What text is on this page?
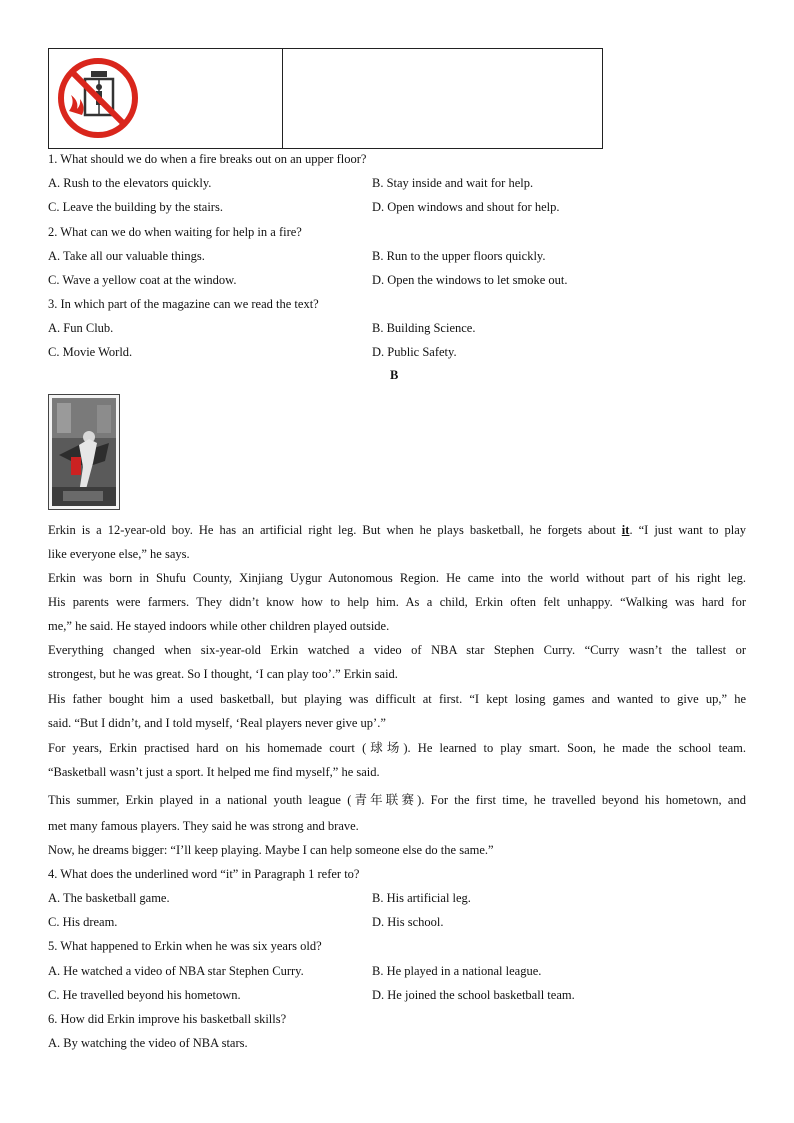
1. What should we do when a fire breaks out on an upper floor?
A. Rush to the elevators quickly.	B. Stay inside and wait for help.
C. Leave the building by the stairs.	D. Open windows and shout for help.
2. What can we do when waiting for help in a fire?
A. Take all our valuable things.	B. Run to the upper floors quickly.
C. Wave a yellow coat at the window.	D. Open the windows to let smoke out.
3. In which part of the magazine can we read the text?
A. Fun Club.	B. Building Science.
C. Movie World.	D. Public Safety.
B
Erkin is a 12-year-old boy. He has an artificial right leg. But when he plays basketball, he forgets about it. “I just want to play
like everyone else,” he says.
Erkin was born in Shufu County, Xinjiang Uygur Autonomous Region. He came into the world without part of his right leg.
His parents were farmers. They didn’t know how to help him. As a child, Erkin often felt unhappy. “Walking was hard for
me,” he said. He stayed indoors while other children played outside.
Everything changed when six-year-old Erkin watched a video of NBA star Stephen Curry. “Curry wasn’t the tallest or
strongest, but he was great. So I thought, ‘I can play too’.” Erkin said.
His father bought him a used basketball, but playing was difficult at first. “I kept losing games and wanted to give up,” he
said. “But I didn’t, and I told myself, ‘Real players never give up’.”
For years, Erkin practised hard on his homemade court (球场). He learned to play smart. Soon, he made the school team.
“Basketball wasn’t just a sport. It helped me find myself,” he said.
This summer, Erkin played in a national youth league (青年联赛). For the first time, he travelled beyond his hometown, and
met many famous players. They said he was strong and brave.
Now, he dreams bigger: “I’ll keep playing. Maybe I can help someone else do the same.”
4. What does the underlined word “it” in Paragraph 1 refer to?
A. The basketball game.	B. His artificial leg.
C. His dream.	D. His school.
5. What happened to Erkin when he was six years old?
A. He watched a video of NBA star Stephen Curry.	B. He played in a national league.
C. He travelled beyond his hometown.	D. He joined the school basketball team.
6. How did Erkin improve his basketball skills?
A. By watching the video of NBA stars.
